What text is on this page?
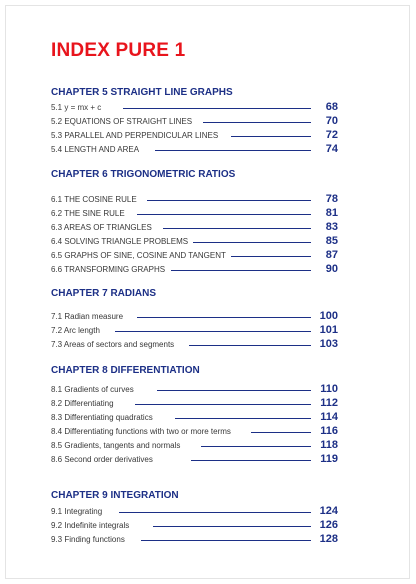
INDEX PURE 1
CHAPTER 5 STRAIGHT LINE GRAPHS
5.1 y = mx + c	68
5.2 EQUATIONS OF STRAIGHT LINES	70
5.3 PARALLEL AND PERPENDICULAR LINES	72
5.4 LENGTH AND AREA	74
CHAPTER 6 TRIGONOMETRIC RATIOS
6.1 THE COSINE RULE	78
6.2 THE SINE RULE	81
6.3 AREAS OF TRIANGLES	83
6.4 SOLVING TRIANGLE PROBLEMS	85
6.5 GRAPHS OF SINE, COSINE AND TANGENT	87
6.6 TRANSFORMING GRAPHS	90
CHAPTER 7 RADIANS
7.1 Radian measure	100
7.2 Arc length	101
7.3 Areas of sectors and segments	103
CHAPTER 8 DIFFERENTIATION
8.1 Gradients of curves	110
8.2 Differentiating	112
8.3 Differentiating quadratics	114
8.4 Differentiating functions with two or more terms	116
8.5 Gradients, tangents and normals	118
8.6 Second order derivatives	119
CHAPTER 9 INTEGRATION
9.1 Integrating	124
9.2 Indefinite integrals	126
9.3 Finding functions	128
